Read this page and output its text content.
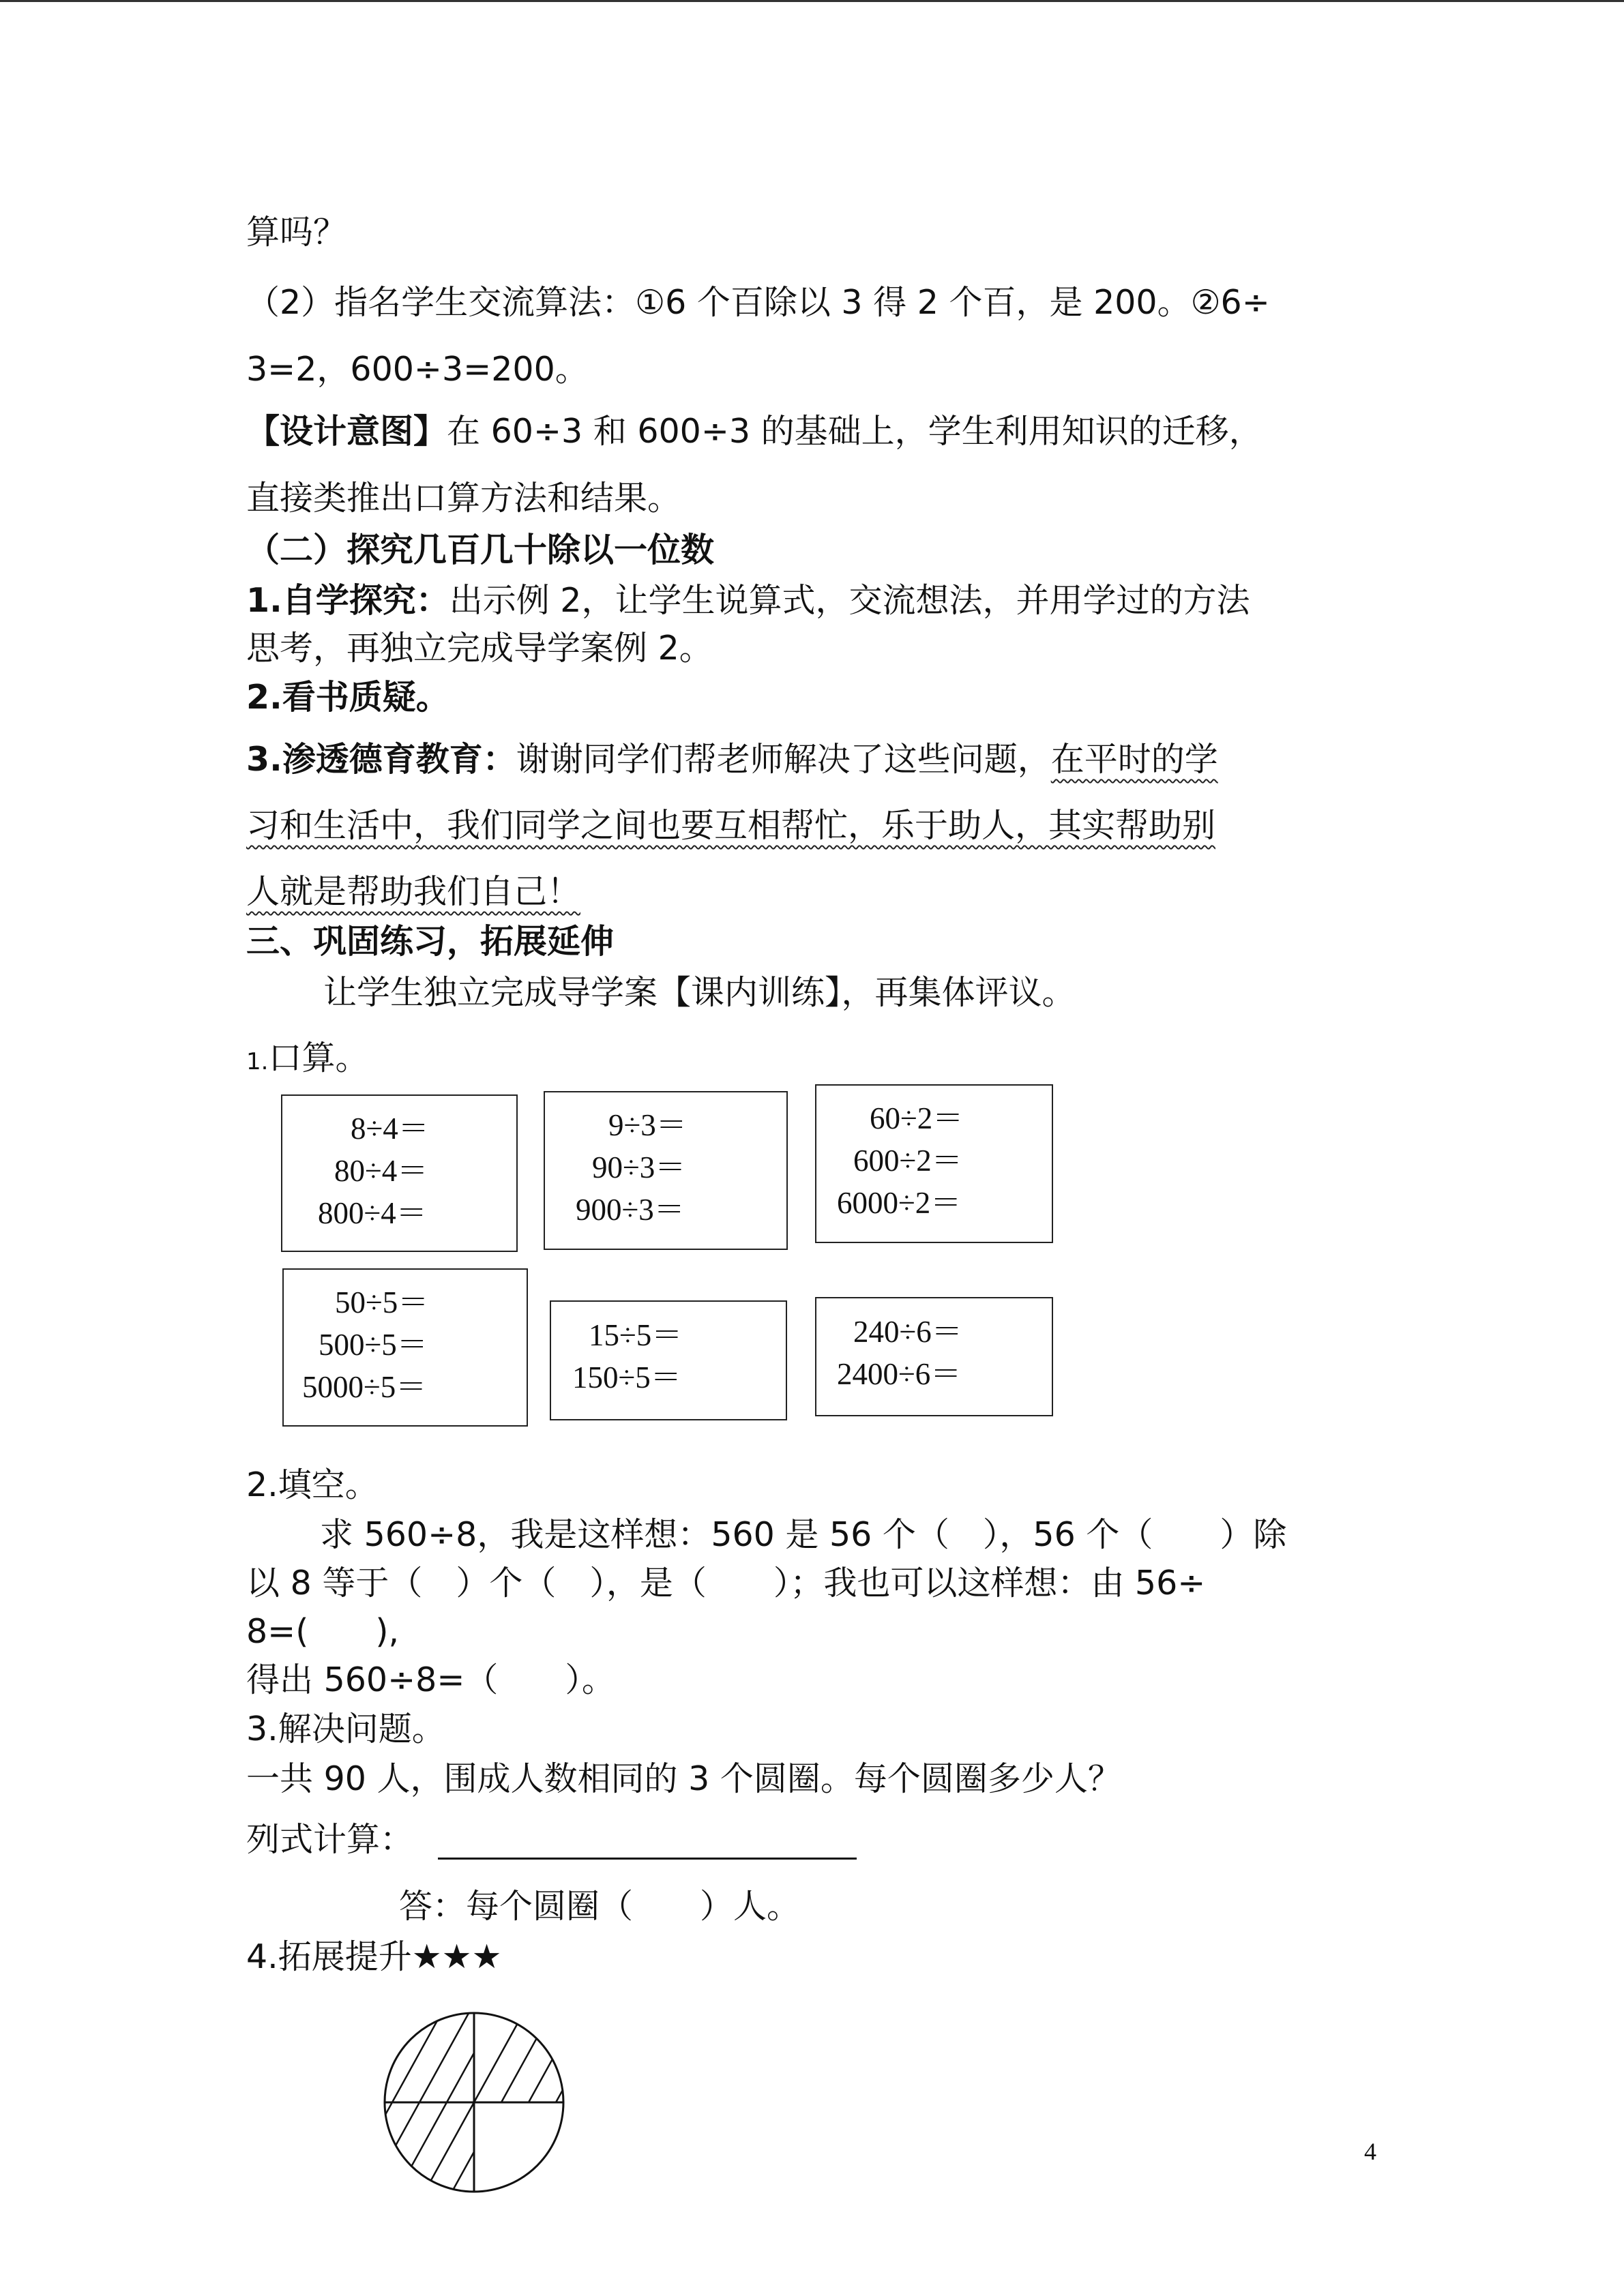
算吗？
（2）指名学生交流算法：①6 个百除以 3 得 2 个百，是 200。②6÷
3=2，600÷3=200。
【设计意图】在 60÷3 和 600÷3 的基础上，学生利用知识的迁移，
直接类推出口算方法和结果。
（二）探究几百几十除以一位数
1.自学探究：出示例 2，让学生说算式，交流想法，并用学过的方法
思考，再独立完成导学案例 2。
2.看书质疑。
3.渗透德育教育：谢谢同学们帮老师解决了这些问题，在平时的学
习和生活中，我们同学之间也要互相帮忙，乐于助人，其实帮助别
人就是帮助我们自己！
三、巩固练习，拓展延伸
让学生独立完成导学案【课内训练】，再集体评议。
1.口算。
8÷4＝
80÷4＝
800÷4＝
9÷3＝
90÷3＝
900÷3＝
60÷2＝
600÷2＝
6000÷2＝
50÷5＝
500÷5＝
5000÷5＝
15÷5＝
150÷5＝
240÷6＝
2400÷6＝
2.填空。
求 560÷8，我是这样想：560 是 56 个（　），56 个（　　）除
以 8 等于（　）个（　），是（　　）；我也可以这样想：由 56÷
8=(　　),
得出 560÷8=（　　）。
3.解决问题。
一共 90 人，围成人数相同的 3 个圆圈。每个圆圈多少人？
列式计算：
答：每个圆圈（　　）人。
4.拓展提升★★★
4
